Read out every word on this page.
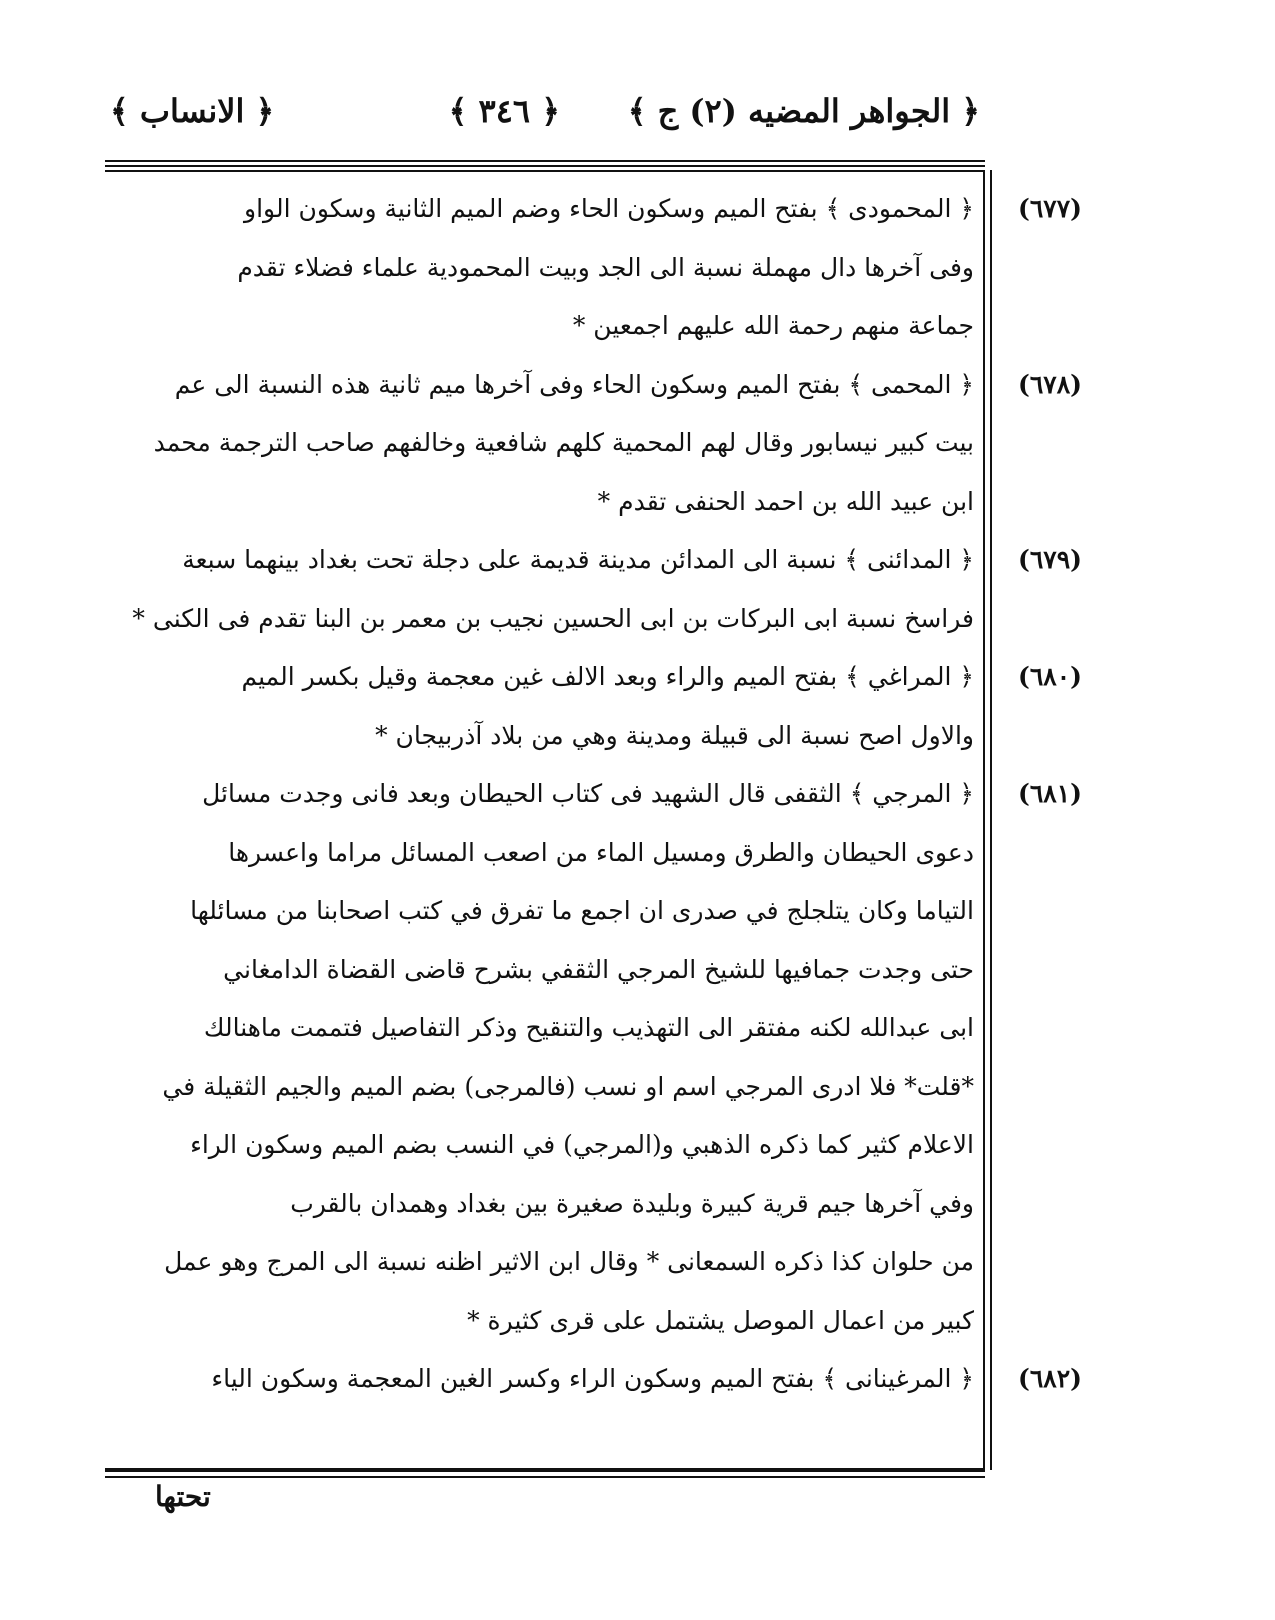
﴿ الجواهر المضيه (٢) ج ﴾
﴿ ٣٤٦ ﴾
﴿ الانساب ﴾
(٦٧٧)
﴿ المحمودى ﴾ بفتح الميم وسكون الحاء وضم الميم الثانية وسكون الواو
وفى آخرها دال مهملة نسبة الى الجد وبيت المحمودية علماء فضلاء تقدم
جماعة منهم رحمة الله عليهم اجمعين *
(٦٧٨)
﴿ المحمى ﴾ بفتح الميم وسكون الحاء وفى آخرها ميم ثانية هذه النسبة الى عم
بيت كبير نيسابور وقال لهم المحمية كلهم شافعية وخالفهم صاحب الترجمة محمد
ابن عبيد الله بن احمد الحنفى تقدم *
(٦٧٩)
﴿ المدائنى ﴾ نسبة الى المدائن مدينة قديمة على دجلة تحت بغداد بينهما سبعة
فراسخ نسبة ابى البركات بن ابى الحسين نجيب بن معمر بن البنا تقدم فى الكنى *
(٦٨٠)
﴿ المراغي ﴾ بفتح الميم والراء وبعد الالف غين معجمة وقيل بكسر الميم
والاول اصح نسبة الى قبيلة ومدينة وهي من بلاد آذربيجان *
(٦٨١)
﴿ المرجي ﴾ الثقفى قال الشهيد فى كتاب الحيطان وبعد فانى وجدت مسائل
دعوى الحيطان والطرق ومسيل الماء من اصعب المسائل مراما واعسرها
التياما وكان يتلجلج في صدرى ان اجمع ما تفرق في كتب اصحابنا من مسائلها
حتى وجدت جمافيها للشيخ المرجي الثقفي بشرح قاضى القضاة الدامغاني
ابى عبدالله لكنه مفتقر الى التهذيب والتنقيح وذكر التفاصيل فتممت ماهنالك
*قلت* فلا ادرى المرجي اسم او نسب (فالمرجى) بضم الميم والجيم الثقيلة في
الاعلام كثير كما ذكره الذهبي و(المرجي) في النسب بضم الميم وسكون الراء
وفي آخرها جيم قرية كبيرة وبليدة صغيرة بين بغداد وهمدان بالقرب
من حلوان كذا ذكره السمعانى * وقال ابن الاثير اظنه نسبة الى المرج وهو عمل
كبير من اعمال الموصل يشتمل على قرى كثيرة *
(٦٨٢)
﴿ المرغينانى ﴾ بفتح الميم وسكون الراء وكسر الغين المعجمة وسكون الياء
تحتها
